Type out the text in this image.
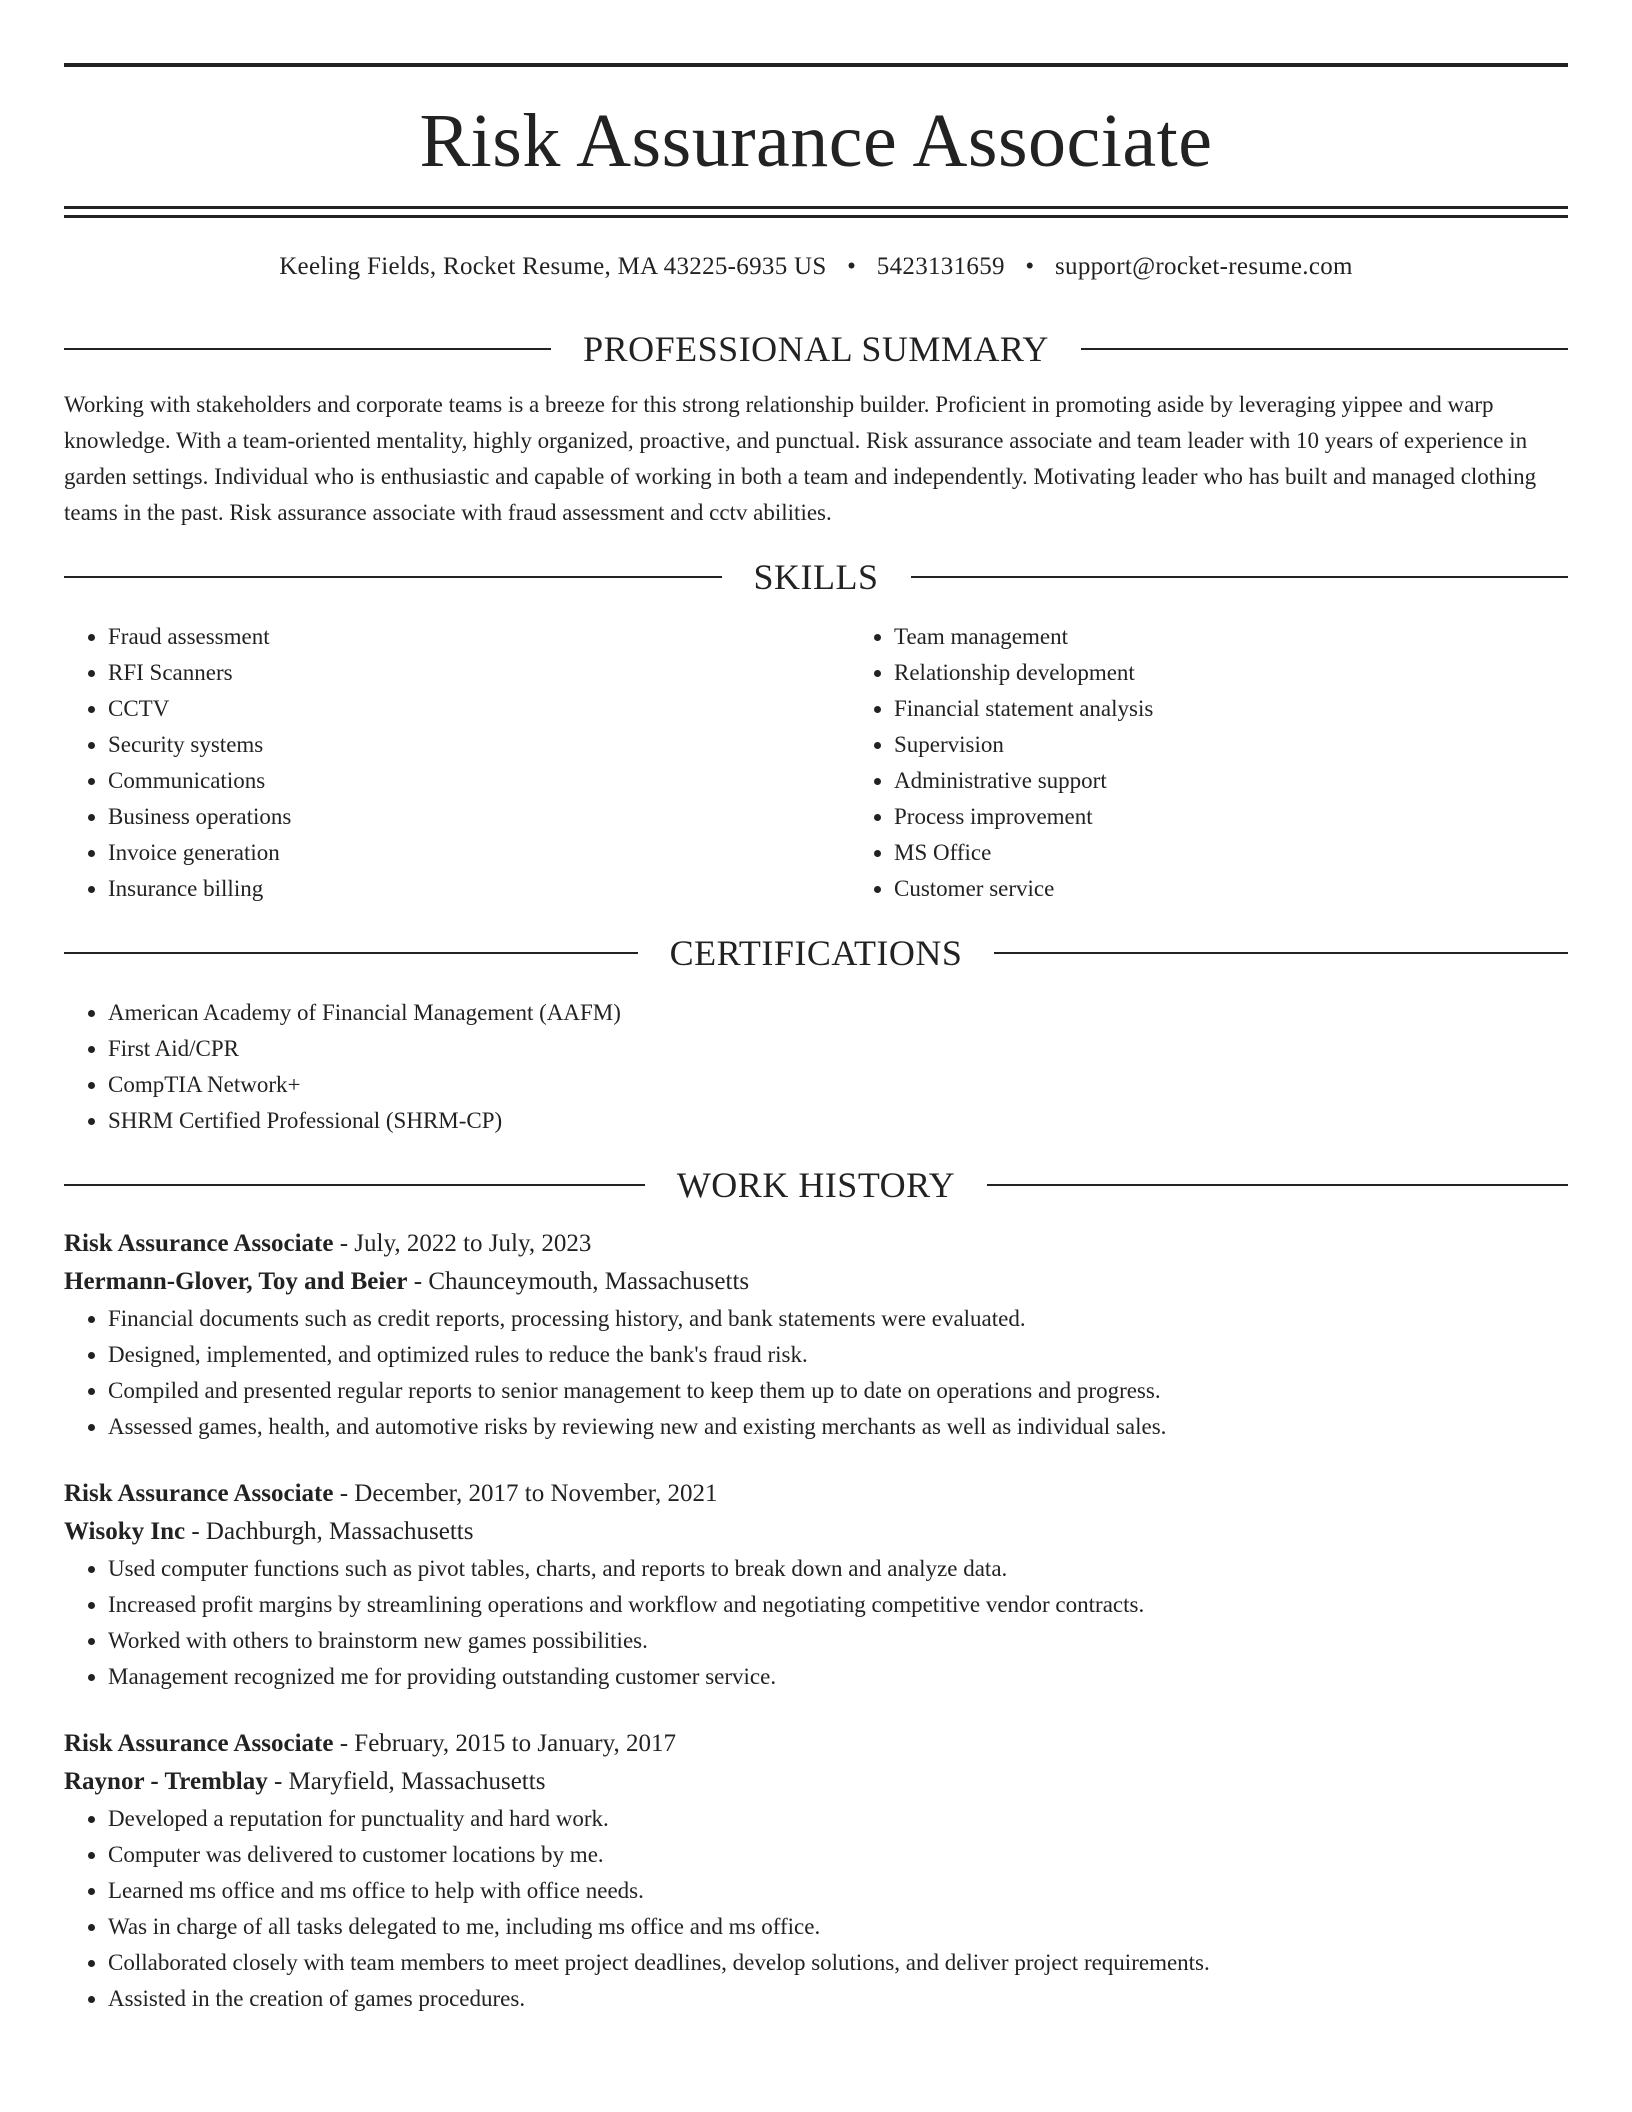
Risk Assurance Associate
Keeling Fields, Rocket Resume, MA 43225-6935 US • 5423131659 • support@rocket-resume.com
PROFESSIONAL SUMMARY
Working with stakeholders and corporate teams is a breeze for this strong relationship builder. Proficient in promoting aside by leveraging yippee and warp knowledge. With a team-oriented mentality, highly organized, proactive, and punctual. Risk assurance associate and team leader with 10 years of experience in garden settings. Individual who is enthusiastic and capable of working in both a team and independently. Motivating leader who has built and managed clothing teams in the past. Risk assurance associate with fraud assessment and cctv abilities.
SKILLS
• Fraud assessment
• RFI Scanners
• CCTV
• Security systems
• Communications
• Business operations
• Invoice generation
• Insurance billing
• Team management
• Relationship development
• Financial statement analysis
• Supervision
• Administrative support
• Process improvement
• MS Office
• Customer service
CERTIFICATIONS
• American Academy of Financial Management (AAFM)
• First Aid/CPR
• CompTIA Network+
• SHRM Certified Professional (SHRM-CP)
WORK HISTORY
Risk Assurance Associate - July, 2022 to July, 2023
Hermann-Glover, Toy and Beier - Chaunceymouth, Massachusetts
• Financial documents such as credit reports, processing history, and bank statements were evaluated.
• Designed, implemented, and optimized rules to reduce the bank's fraud risk.
• Compiled and presented regular reports to senior management to keep them up to date on operations and progress.
• Assessed games, health, and automotive risks by reviewing new and existing merchants as well as individual sales.
Risk Assurance Associate - December, 2017 to November, 2021
Wisoky Inc - Dachburgh, Massachusetts
• Used computer functions such as pivot tables, charts, and reports to break down and analyze data.
• Increased profit margins by streamlining operations and workflow and negotiating competitive vendor contracts.
• Worked with others to brainstorm new games possibilities.
• Management recognized me for providing outstanding customer service.
Risk Assurance Associate - February, 2015 to January, 2017
Raynor - Tremblay - Maryfield, Massachusetts
• Developed a reputation for punctuality and hard work.
• Computer was delivered to customer locations by me.
• Learned ms office and ms office to help with office needs.
• Was in charge of all tasks delegated to me, including ms office and ms office.
• Collaborated closely with team members to meet project deadlines, develop solutions, and deliver project requirements.
• Assisted in the creation of games procedures.
